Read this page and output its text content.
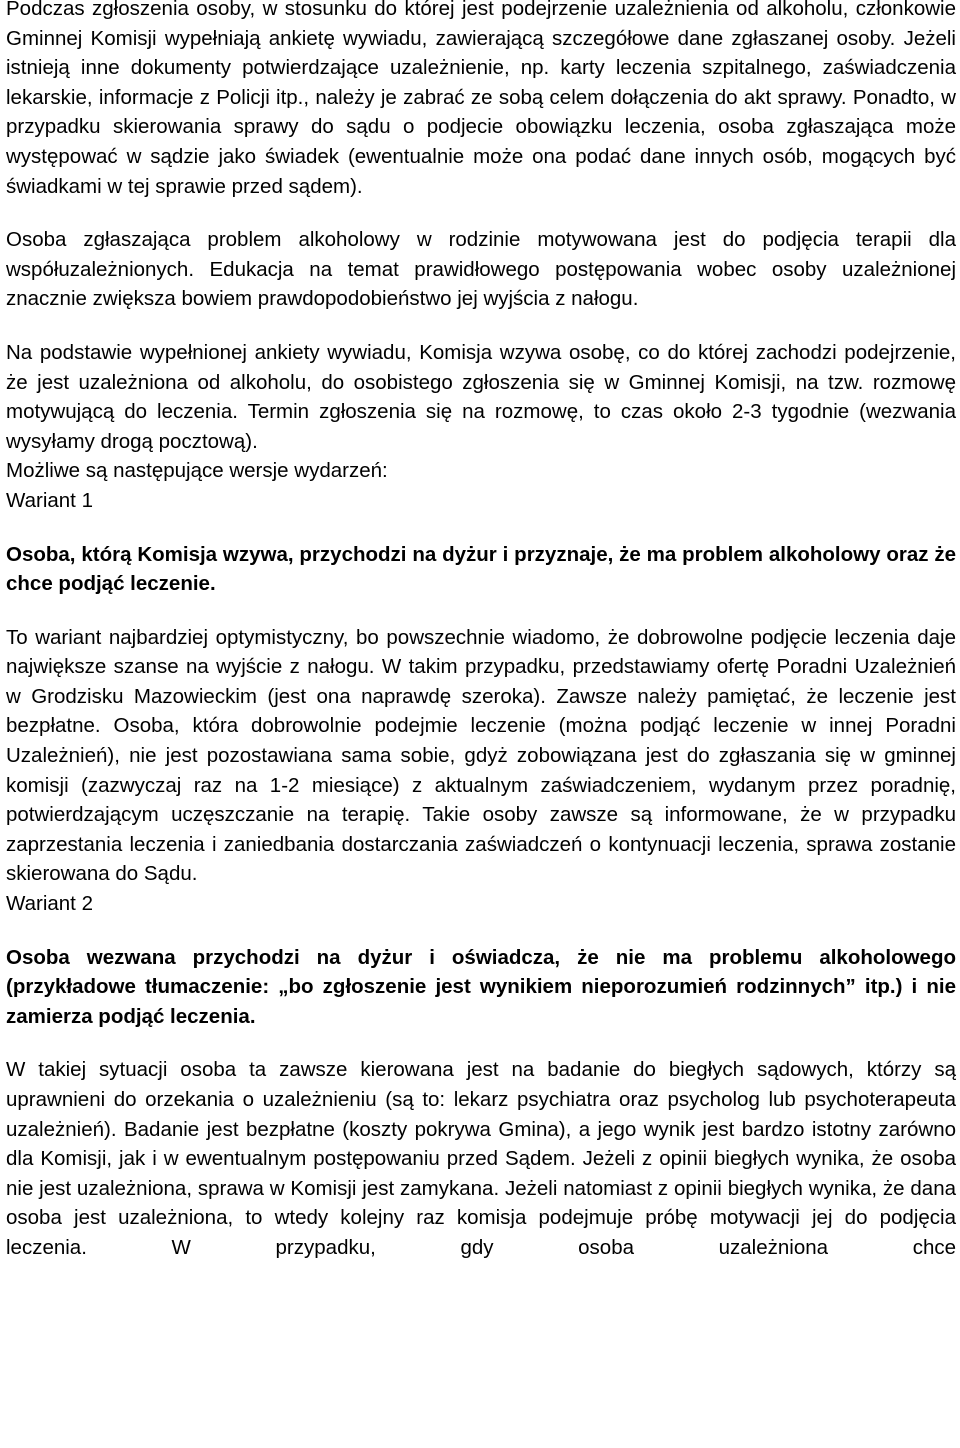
Podczas zgłoszenia osoby, w stosunku do której jest podejrzenie uzależnienia od alkoholu, członkowie Gminnej Komisji wypełniają ankietę wywiadu, zawierającą szczegółowe dane zgłaszanej osoby. Jeżeli istnieją inne dokumenty potwierdzające uzależnienie, np. karty leczenia szpitalnego, zaświadczenia lekarskie, informacje z Policji itp., należy je zabrać ze sobą celem dołączenia do akt sprawy. Ponadto, w przypadku skierowania sprawy do sądu o podjecie obowiązku leczenia, osoba zgłaszająca może występować w sądzie jako świadek (ewentualnie może ona podać dane innych osób, mogących być świadkami w tej sprawie przed sądem).

Osoba zgłaszająca problem alkoholowy w rodzinie motywowana jest do podjęcia terapii dla współuzależnionych. Edukacja na temat prawidłowego postępowania wobec osoby uzależnionej znacznie zwiększa bowiem prawdopodobieństwo jej wyjścia z nałogu.

Na podstawie wypełnionej ankiety wywiadu, Komisja wzywa osobę, co do której zachodzi podejrzenie, że jest uzależniona od alkoholu, do osobistego zgłoszenia się w Gminnej Komisji, na tzw. rozmowę motywującą do leczenia. Termin zgłoszenia się na rozmowę, to czas około 2-3 tygodnie (wezwania wysyłamy drogą pocztową).

Możliwe są następujące wersje wydarzeń:

Wariant 1

Osoba, którą Komisja wzywa, przychodzi na dyżur i przyznaje, że ma problem alkoholowy oraz że chce podjąć leczenie.

To wariant najbardziej optymistyczny, bo powszechnie wiadomo, że dobrowolne podjęcie leczenia daje największe szanse na wyjście z nałogu. W takim przypadku, przedstawiamy ofertę Poradni Uzależnień w Grodzisku Mazowieckim (jest ona naprawdę szeroka). Zawsze należy pamiętać, że leczenie jest bezpłatne. Osoba, która dobrowolnie podejmie leczenie (można podjąć leczenie w innej Poradni Uzależnień), nie jest pozostawiana sama sobie, gdyż zobowiązana jest do zgłaszania się w gminnej komisji (zazwyczaj raz na 1-2 miesiące) z aktualnym zaświadczeniem, wydanym przez poradnię, potwierdzającym uczęszczanie na terapię. Takie osoby zawsze są informowane, że w przypadku zaprzestania leczenia i zaniedbania dostarczania zaświadczeń o kontynuacji leczenia, sprawa zostanie skierowana do Sądu.

Wariant 2

Osoba wezwana przychodzi na dyżur i oświadcza, że nie ma problemu alkoholowego (przykładowe tłumaczenie: „bo zgłoszenie jest wynikiem nieporozumień rodzinnych” itp.) i nie zamierza podjąć leczenia.

W takiej sytuacji osoba ta zawsze kierowana jest na badanie do biegłych sądowych, którzy są uprawnieni do orzekania o uzależnieniu (są to: lekarz psychiatra oraz psycholog lub psychoterapeuta uzależnień). Badanie jest bezpłatne (koszty pokrywa Gmina), a jego wynik jest bardzo istotny zarówno dla Komisji, jak i w ewentualnym postępowaniu przed Sądem. Jeżeli z opinii biegłych wynika, że osoba nie jest uzależniona, sprawa w Komisji jest zamykana. Jeżeli natomiast z opinii biegłych wynika, że dana osoba jest uzależniona, to wtedy kolejny raz komisja podejmuje próbę motywacji jej do podjęcia leczenia. W przypadku, gdy osoba uzależniona chce
